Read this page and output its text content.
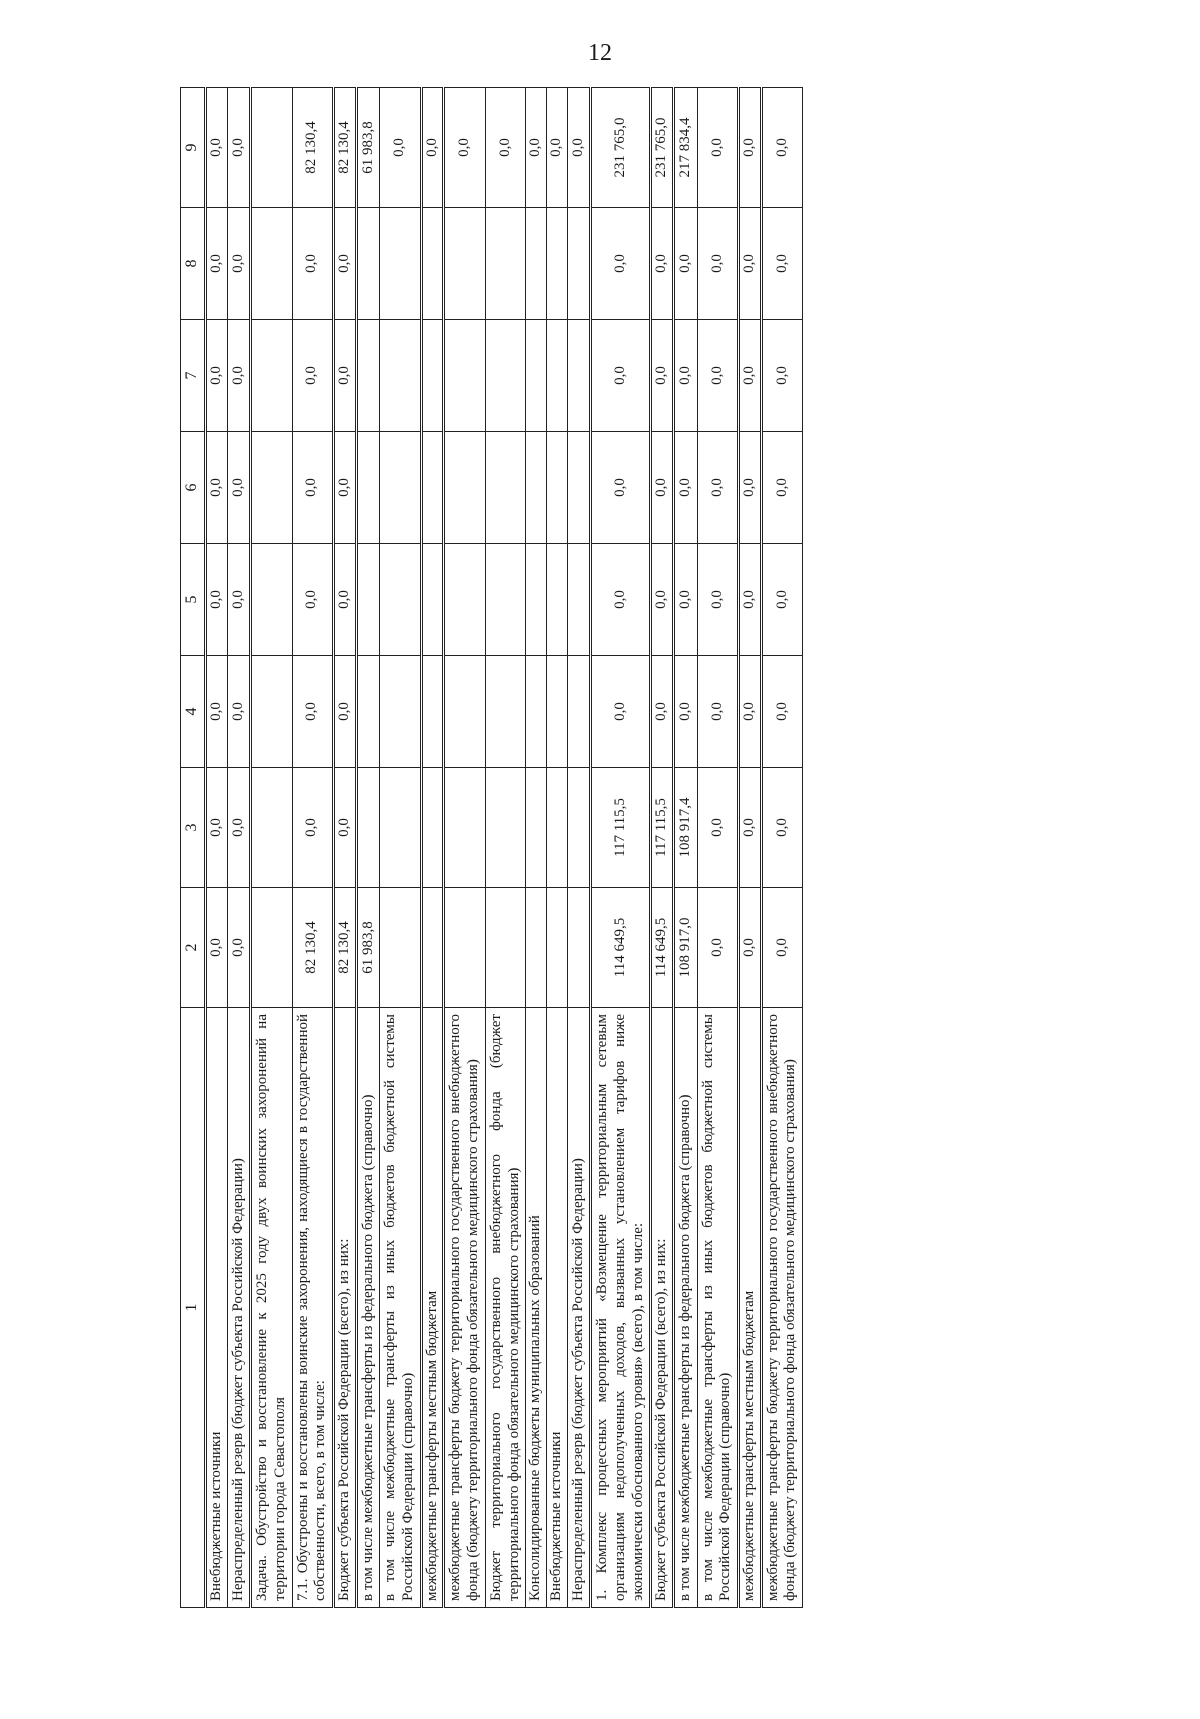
12
1	2	3	4	5	6	7	8	9
Внебюджетные источники	0,0	0,0	0,0	0,0	0,0	0,0	0,0	0,0
Нераспределенный резерв (бюджет субъекта Российской Федерации)	0,0	0,0	0,0	0,0	0,0	0,0	0,0	0,0
Задача. Обустройство и восстановление к 2025 году двух воинских захоронений на территории города Севастополя								
7.1. Обустроены и восстановлены воинские захоронения, находящиеся в государственной собственности, всего, в том числе:	82 130,4	0,0	0,0	0,0	0,0	0,0	0,0	82 130,4
Бюджет субъекта Российской Федерации (всего), из них:	82 130,4	0,0	0,0	0,0	0,0	0,0	0,0	82 130,4
в том числе межбюджетные трансферты из федерального бюджета (справочно)	61 983,8							61 983,8
в том числе межбюджетные трансферты из иных бюджетов бюджетной системы Российской Федерации (справочно)								0,0
межбюджетные трансферты местным бюджетам								0,0
межбюджетные трансферты бюджету территориального государственного внебюджетного фонда (бюджету территориального фонда обязательного медицинского страхования)								0,0
Бюджет территориального государственного внебюджетного фонда (бюджет территориального фонда обязательного медицинского страхования)								0,0
Консолидированные бюджеты муниципальных образований								0,0
Внебюджетные источники								0,0
Нераспределенный резерв (бюджет субъекта Российской Федерации)								0,0
1. Комплекс процессных мероприятий «Возмещение территориальным сетевым организациям недополученных доходов, вызванных установлением тарифов ниже экономически обоснованного уровня» (всего), в том числе:	114 649,5	117 115,5	0,0	0,0	0,0	0,0	0,0	231 765,0
Бюджет субъекта Российской Федерации (всего), из них:	114 649,5	117 115,5	0,0	0,0	0,0	0,0	0,0	231 765,0
в том числе межбюджетные трансферты из федерального бюджета (справочно)	108 917,0	108 917,4	0,0	0,0	0,0	0,0	0,0	217 834,4
в том числе межбюджетные трансферты из иных бюджетов бюджетной системы Российской Федерации (справочно)	0,0	0,0	0,0	0,0	0,0	0,0	0,0	0,0
межбюджетные трансферты местным бюджетам	0,0	0,0	0,0	0,0	0,0	0,0	0,0	0,0
межбюджетные трансферты бюджету территориального государственного внебюджетного фонда (бюджету территориального фонда обязательного медицинского страхования)	0,0	0,0	0,0	0,0	0,0	0,0	0,0	0,0
